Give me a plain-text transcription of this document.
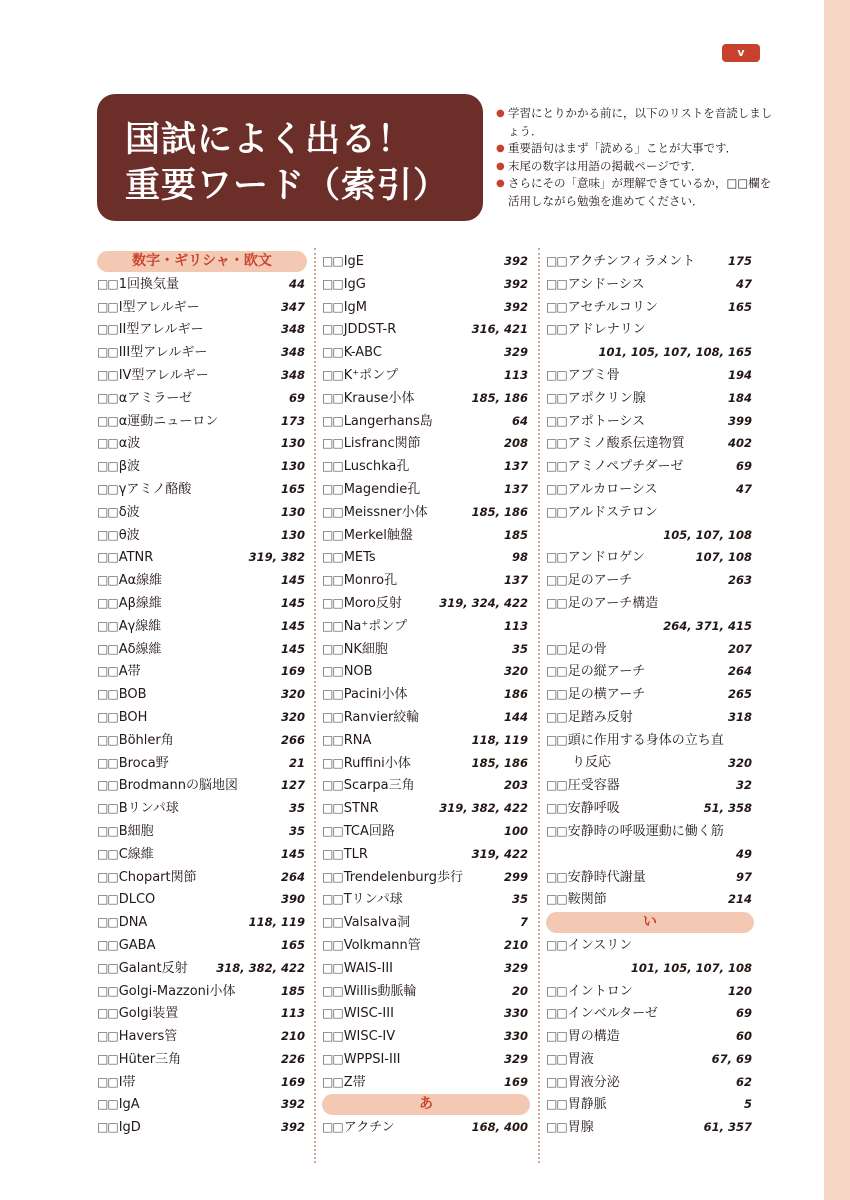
v
国試によく出る！
重要ワード（索引）
● 学習にとりかかる前に，以下のリストを音読しましょう．
● 重要語句はまず「読める」ことが大事です．
● 末尾の数字は用語の掲載ページです．
● さらにその「意味」が理解できているか，□□欄を活用しながら勉強を進めてください．
数字・ギリシャ・欧文
□□1回換気量	44
□□I型アレルギー	347
□□II型アレルギー	348
□□III型アレルギー	348
□□IV型アレルギー	348
□□αアミラーゼ	69
□□α運動ニューロン	173
□□α波	130
□□β波	130
□□γアミノ酪酸	165
□□δ波	130
□□θ波	130
□□ATNR	319, 382
□□Aα線維	145
□□Aβ線維	145
□□Aγ線維	145
□□Aδ線維	145
□□A帯	169
□□BOB	320
□□BOH	320
□□Böhler角	266
□□Broca野	21
□□Brodmannの脳地図	127
□□Bリンパ球	35
□□B細胞	35
□□C線維	145
□□Chopart関節	264
□□DLCO	390
□□DNA	118, 119
□□GABA	165
□□Galant反射 318, 382, 422
□□Golgi-Mazzoni小体	185
□□Golgi装置	113
□□Havers管	210
□□Hüter三角	226
□□I帯	169
□□IgA	392
□□IgD	392
□□IgE	392
□□IgG	392
□□IgM	392
□□JDDST-R	316, 421
□□K-ABC	329
□□K⁺ポンプ	113
□□Krause小体	185, 186
□□Langerhans島	64
□□Lisfranc関節	208
□□Luschka孔	137
□□Magendie孔	137
□□Meissner小体	185, 186
□□Merkel触盤	185
□□METs	98
□□Monro孔	137
□□Moro反射	319, 324, 422
□□Na⁺ポンプ	113
□□NK細胞	35
□□NOB	320
□□Pacini小体	186
□□Ranvier絞輪	144
□□RNA	118, 119
□□Ruffini小体	185, 186
□□Scarpa三角	203
□□STNR	319, 382, 422
□□TCA回路	100
□□TLR	319, 422
□□Trendelenburg歩行	299
□□Tリンパ球	35
□□Valsalva洞	7
□□Volkmann管	210
□□WAIS-III	329
□□Willis動脈輪	20
□□WISC-III	330
□□WISC-IV	330
□□WPPSI-III	329
□□Z帯	169
あ
□□アクチン	168, 400
□□アクチンフィラメント	175
□□アシドーシス	47
□□アセチルコリン	165
□□アドレナリン
101, 105, 107, 108, 165
□□アブミ骨	194
□□アポクリン腺	184
□□アポトーシス	399
□□アミノ酸系伝達物質	402
□□アミノペプチダーゼ	69
□□アルカローシス	47
□□アルドステロン
105, 107, 108
□□アンドロゲン	107, 108
□□足のアーチ	263
□□足のアーチ構造
264, 371, 415
□□足の骨	207
□□足の縦アーチ	264
□□足の横アーチ	265
□□足踏み反射	318
□□頭に作用する身体の立ち直
り反応	320
□□圧受容器	32
□□安静呼吸	51, 358
□□安静時の呼吸運動に働く筋
49
□□安静時代謝量	97
□□鞍関節	214
い
□□インスリン
101, 105, 107, 108
□□イントロン	120
□□インベルターゼ	69
□□胃の構造	60
□□胃液	67, 69
□□胃液分泌	62
□□胃静脈	5
□□胃腺	61, 357
